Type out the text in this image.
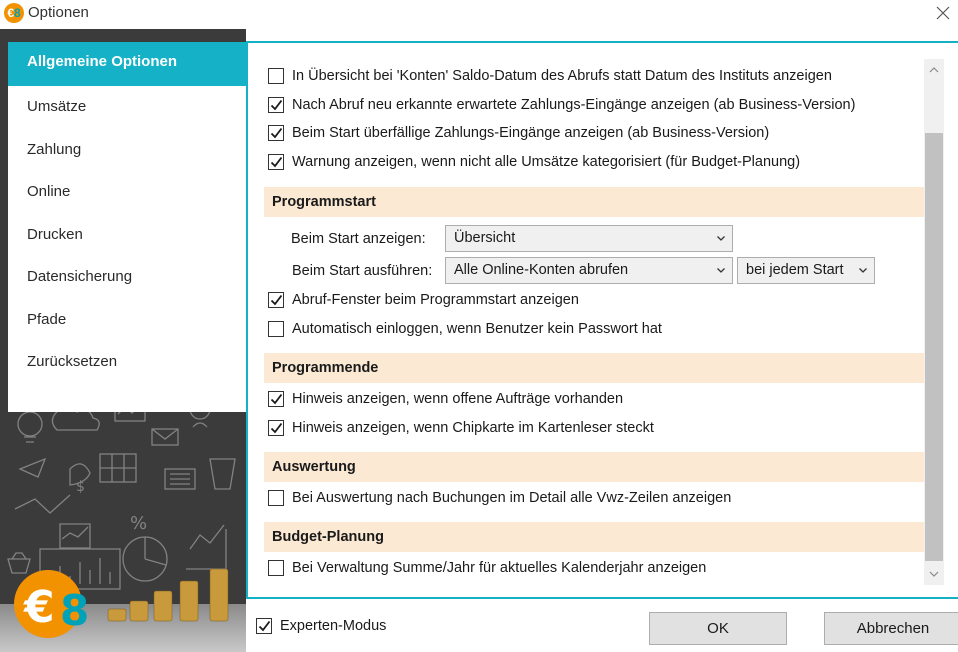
€8 Optionen
$
%
€ 8
Allgemeine Optionen
Umsätze
Zahlung
Online
Drucken
Datensicherung
Pfade
Zurücksetzen
In Übersicht bei 'Konten' Saldo-Datum des Abrufs statt Datum des Instituts anzeigen
Nach Abruf neu erkannte erwartete Zahlungs-Eingänge anzeigen (ab Business-Version)
Beim Start überfällige Zahlungs-Eingänge anzeigen (ab Business-Version)
Warnung anzeigen, wenn nicht alle Umsätze kategorisiert (für Budget-Planung)
Programmstart
Beim Start anzeigen:	Übersicht
Beim Start ausführen:	Alle Online-Konten abrufen	bei jedem Start
Abruf-Fenster beim Programmstart anzeigen
Automatisch einloggen, wenn Benutzer kein Passwort hat
Programmende
Hinweis anzeigen, wenn offene Aufträge vorhanden
Hinweis anzeigen, wenn Chipkarte im Kartenleser steckt
Auswertung
Bei Auswertung nach Buchungen im Detail alle Vwz-Zeilen anzeigen
Budget-Planung
Bei Verwaltung Summe/Jahr für aktuelles Kalenderjahr anzeigen
Experten-Modus	OK	Abbrechen
